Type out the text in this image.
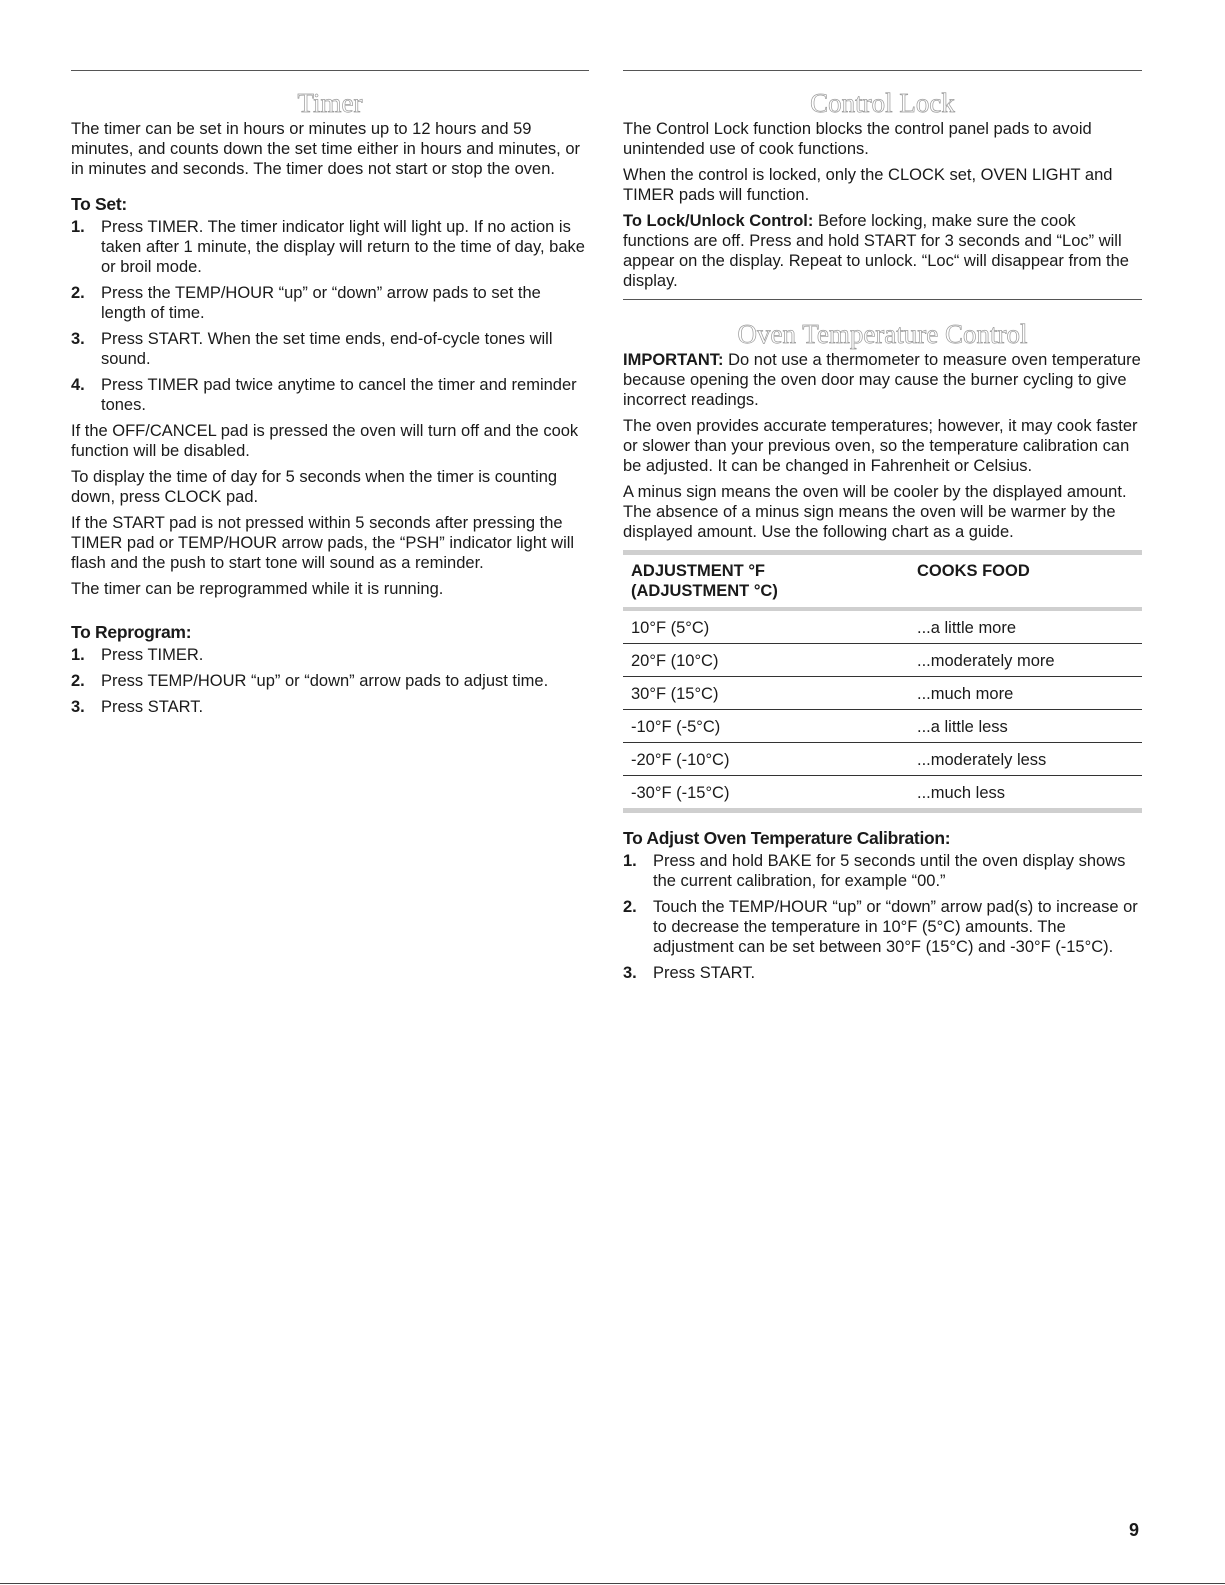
Timer

The timer can be set in hours or minutes up to 12 hours and 59 minutes, and counts down the set time either in hours and minutes, or in minutes and seconds. The timer does not start or stop the oven.

To Set:
1. Press TIMER. The timer indicator light will light up. If no action is taken after 1 minute, the display will return to the time of day, bake or broil mode.
2. Press the TEMP/HOUR “up” or “down” arrow pads to set the length of time.
3. Press START. When the set time ends, end-of-cycle tones will sound.
4. Press TIMER pad twice anytime to cancel the timer and reminder tones.

If the OFF/CANCEL pad is pressed the oven will turn off and the cook function will be disabled.

To display the time of day for 5 seconds when the timer is counting down, press CLOCK pad.

If the START pad is not pressed within 5 seconds after pressing the TIMER pad or TEMP/HOUR arrow pads, the “PSH” indicator light will flash and the push to start tone will sound as a reminder.

The timer can be reprogrammed while it is running.

To Reprogram:
1. Press TIMER.
2. Press TEMP/HOUR “up” or “down” arrow pads to adjust time.
3. Press START.
Control Lock

The Control Lock function blocks the control panel pads to avoid unintended use of cook functions.

When the control is locked, only the CLOCK set, OVEN LIGHT and TIMER pads will function.

To Lock/Unlock Control: Before locking, make sure the cook functions are off. Press and hold START for 3 seconds and “Loc” will appear on the display. Repeat to unlock. “Loc“ will disappear from the display.

Oven Temperature Control

IMPORTANT: Do not use a thermometer to measure oven temperature because opening the oven door may cause the burner cycling to give incorrect readings.

The oven provides accurate temperatures; however, it may cook faster or slower than your previous oven, so the temperature calibration can be adjusted. It can be changed in Fahrenheit or Celsius.

A minus sign means the oven will be cooler by the displayed amount. The absence of a minus sign means the oven will be warmer by the displayed amount. Use the following chart as a guide.

ADJUSTMENT °F
(ADJUSTMENT °C)	COOKS FOOD
10°F (5°C)	...a little more
20°F (10°C)	...moderately more
30°F (15°C)	...much more
-10°F (-5°C)	...a little less
-20°F (-10°C)	...moderately less
-30°F (-15°C)	...much less
To Adjust Oven Temperature Calibration:
1. Press and hold BAKE for 5 seconds until the oven display shows the current calibration, for example “00.”
2. Touch the TEMP/HOUR “up” or “down” arrow pad(s) to increase or to decrease the temperature in 10°F (5°C) amounts. The adjustment can be set between 30°F (15°C) and -30°F (-15°C).
3. Press START.
9
